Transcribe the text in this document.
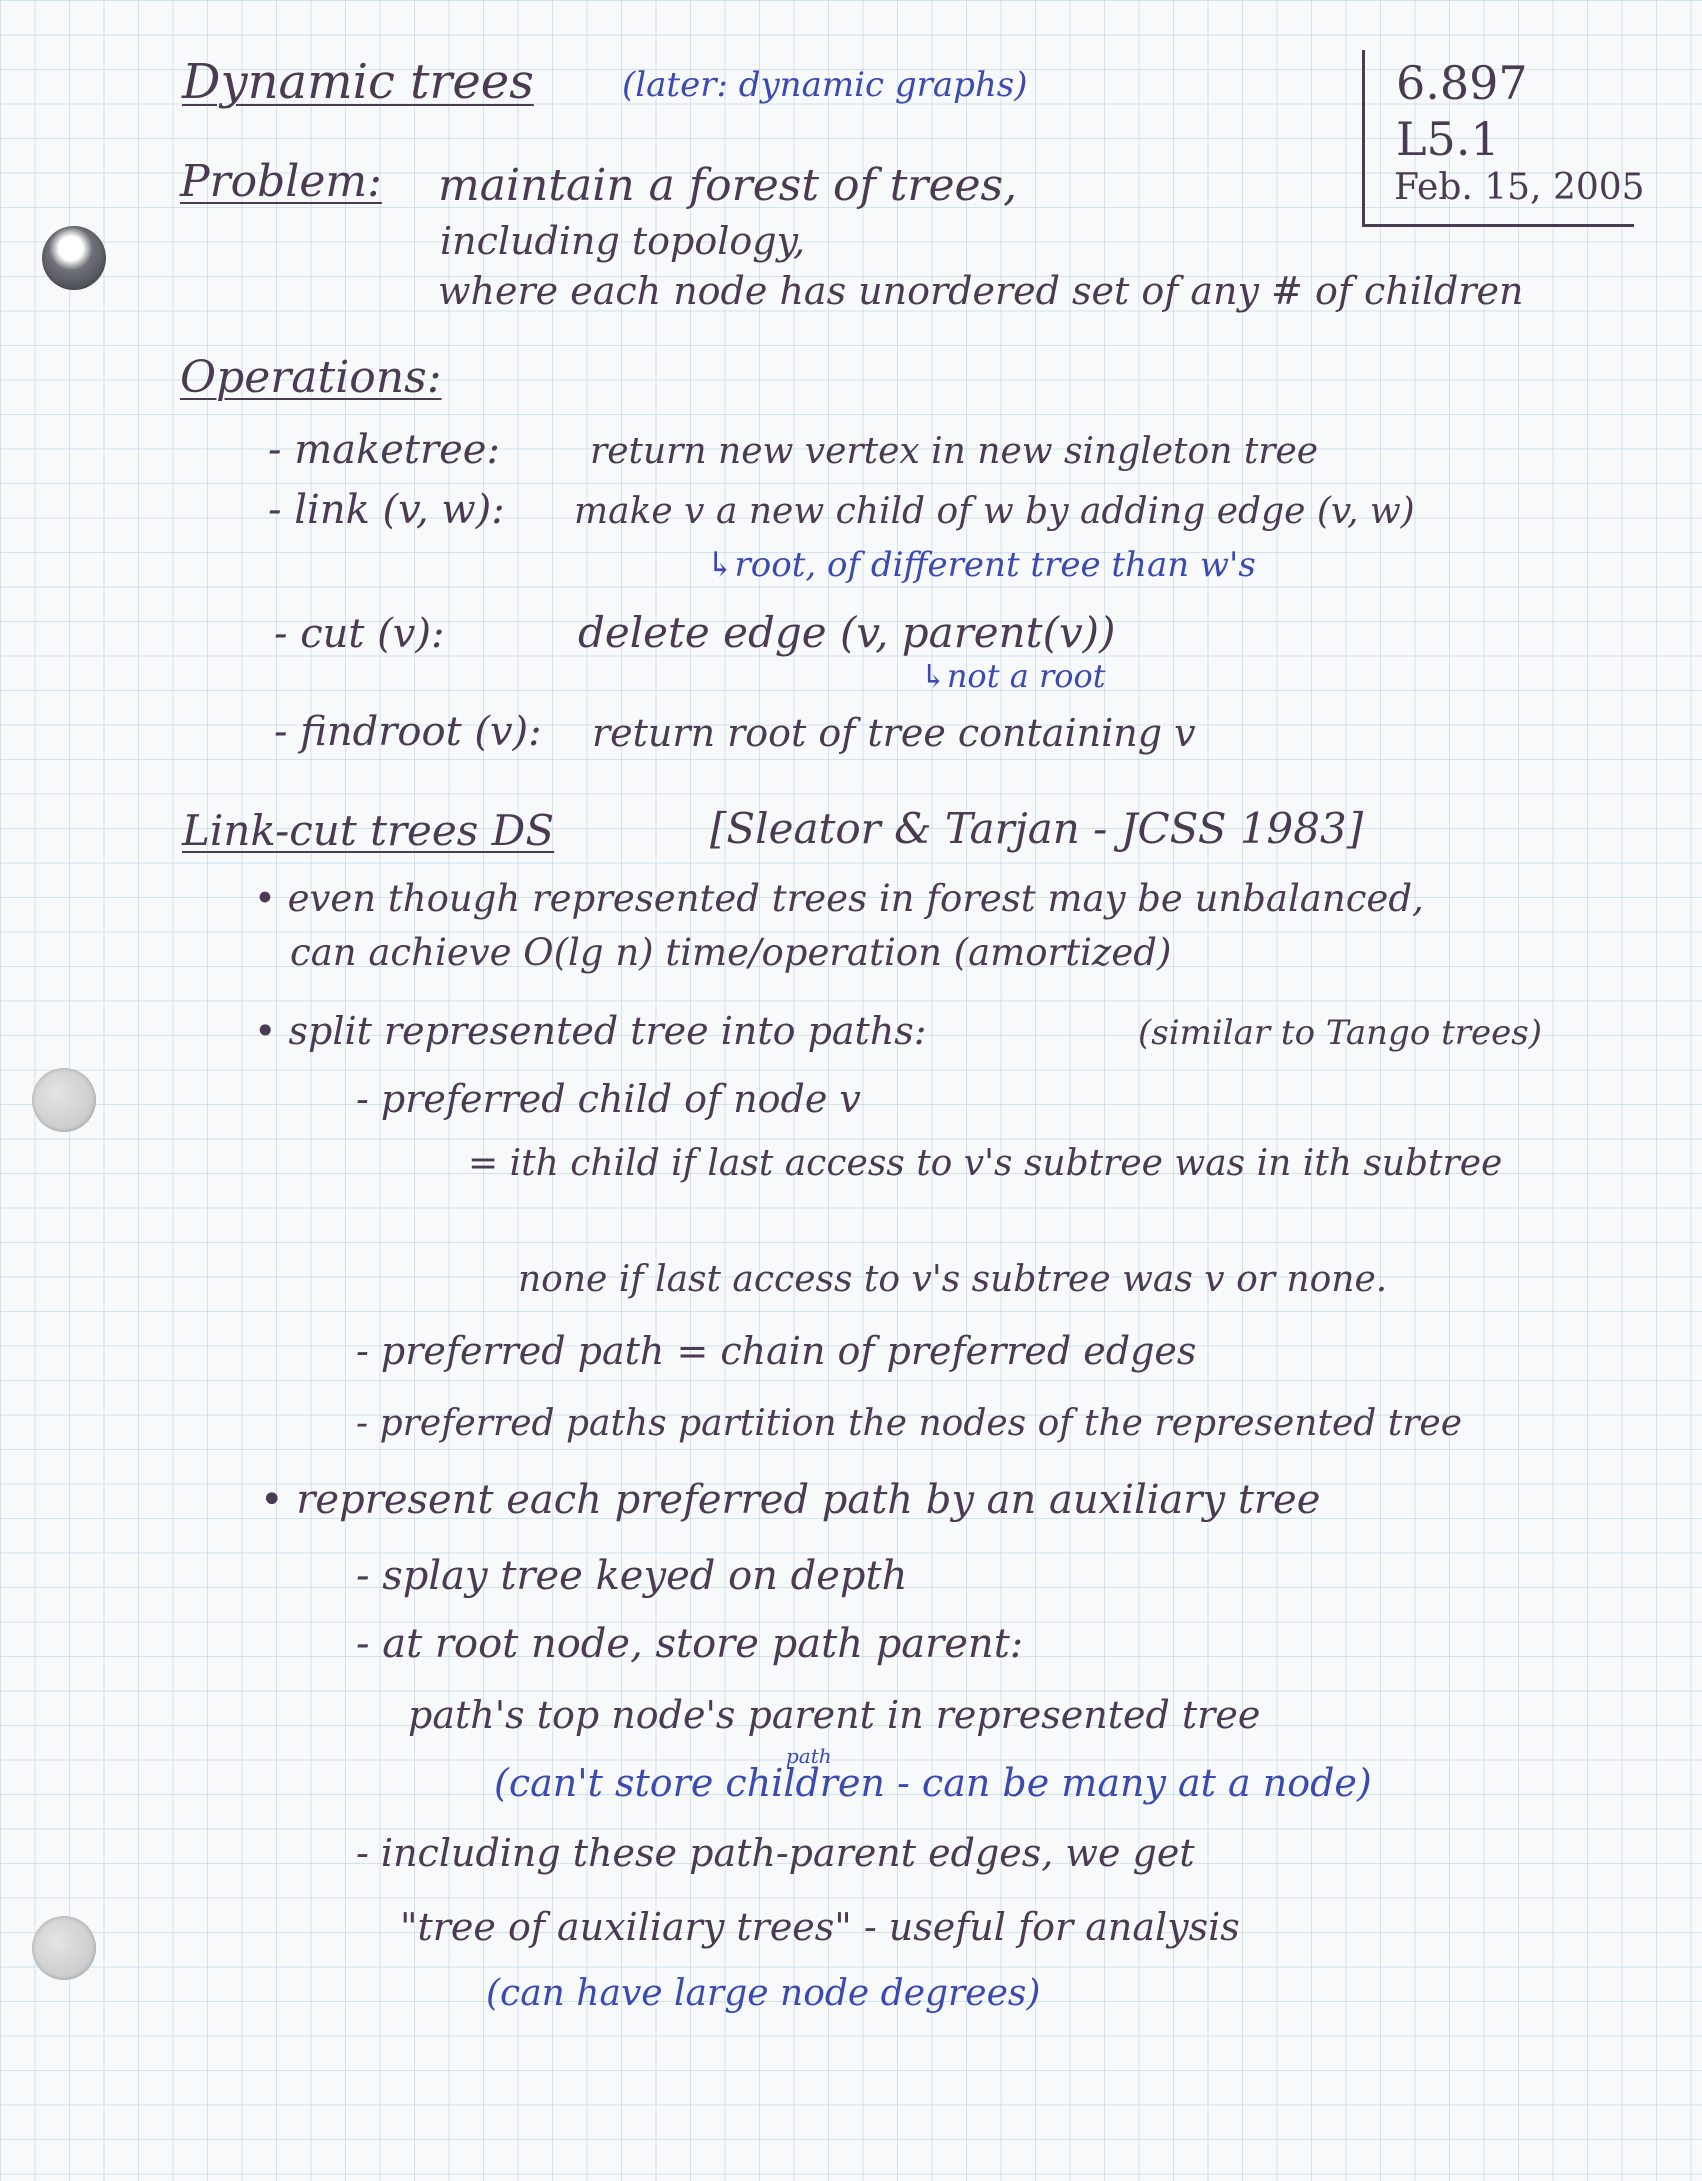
Dynamic trees	(later: dynamic graphs)	6.897
L5.1
Feb. 15, 2005
Problem: maintain a forest of trees,
including topology,
where each node has unordered set of any # of children
Operations:
- maketree:	return new vertex in new singleton tree
- link (v, w): make v a new child of w by adding edge (v, w)
↳root, of different tree than w's
- cut (v):	delete edge (v, parent(v))
↳not a root
- findroot (v): return root of tree containing v
Link-cut trees DS	[Sleator & Tarjan - JCSS 1983]
• even though represented trees in forest may be unbalanced,
can achieve O(lg n) time/operation (amortized)
• split represented tree into paths:	(similar to Tango trees)
- preferred child of node v
= ith child if last access to v's subtree was in ith subtree
none if last access to v's subtree was v or none.
- preferred path = chain of preferred edges
- preferred paths partition the nodes of the represented tree
• represent each preferred path by an auxiliary tree
- splay tree keyed on depth
- at root node, store path parent:
path's top node's parent in represented tree
path
(can't store children - can be many at a node)
- including these path-parent edges, we get
"tree of auxiliary trees" - useful for analysis
(can have large node degrees)
